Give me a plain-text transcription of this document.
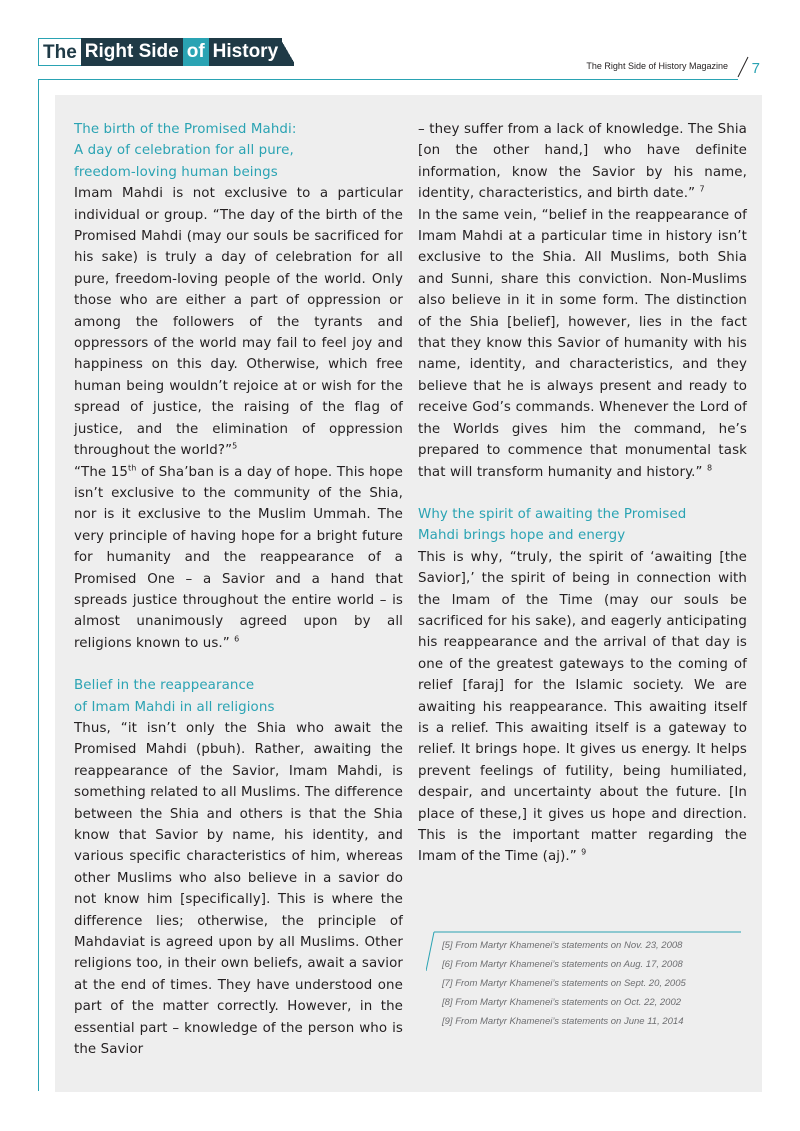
The Right Side of History
The Right Side of History Magazine 7

The birth of the Promised Mahdi:
A day of celebration for all pure,
freedom-loving human beings

Imam Mahdi is not exclusive to a particular individual or group. “The day of the birth of the Promised Mahdi (may our souls be sacrificed for his sake) is truly a day of celebration for all pure, freedom-loving people of the world. Only those who are either a part of oppression or among the followers of the tyrants and oppressors of the world may fail to feel joy and happiness on this day. Otherwise, which free human being wouldn’t rejoice at or wish for the spread of justice, the raising of the flag of justice, and the elimination of oppression throughout the world?”$^5$

“The 15th of Sha’ban is a day of hope. This hope isn’t exclusive to the community of the Shia, nor is it exclusive to the Muslim Ummah. The very principle of having hope for a bright future for humanity and the reappearance of a Promised One – a Savior and a hand that spreads justice throughout the entire world – is almost unanimously agreed upon by all religions known to us.” $^6$

Belief in the reappearance
of Imam Mahdi in all religions

Thus, “it isn’t only the Shia who await the Promised Mahdi (pbuh). Rather, awaiting the reappearance of the Savior, Imam Mahdi, is something related to all Muslims. The difference between the Shia and others is that the Shia know that Savior by name, his identity, and various specific characteristics of him, whereas other Muslims who also believe in a savior do not know him [specifically]. This is where the difference lies; otherwise, the principle of Mahdaviat is agreed upon by all Muslims. Other religions too, in their own beliefs, await a savior at the end of times. They have understood one part of the matter correctly. However, in the essential part – knowledge of the person who is the Savior

– they suffer from a lack of knowledge. The Shia [on the other hand,] who have definite information, know the Savior by his name, identity, characteristics, and birth date.” $^7$

In the same vein, “belief in the reappearance of Imam Mahdi at a particular time in history isn’t exclusive to the Shia. All Muslims, both Shia and Sunni, share this conviction. Non-Muslims also believe in it in some form. The distinction of the Shia [belief], however, lies in the fact that they know this Savior of humanity with his name, identity, and characteristics, and they believe that he is always present and ready to receive God’s commands. Whenever the Lord of the Worlds gives him the command, he’s prepared to commence that monumental task that will transform humanity and history.” $^8$

Why the spirit of awaiting the Promised
Mahdi brings hope and energy

This is why, “truly, the spirit of ‘awaiting [the Savior],’ the spirit of being in connection with the Imam of the Time (may our souls be sacrificed for his sake), and eagerly anticipating his reappearance and the arrival of that day is one of the greatest gateways to the coming of relief [faraj] for the Islamic society. We are awaiting his reappearance. This awaiting itself is a relief. This awaiting itself is a gateway to relief. It brings hope. It gives us energy. It helps prevent feelings of futility, being humiliated, despair, and uncertainty about the future. [In place of these,] it gives us hope and direction. This is the important matter regarding the Imam of the Time (aj).” $^9$

[5] From Martyr Khamenei’s statements on Nov. 23, 2008
[6] From Martyr Khamenei’s statements on Aug. 17, 2008
[7] From Martyr Khamenei’s statements on Sept. 20, 2005
[8] From Martyr Khamenei’s statements on Oct. 22, 2002
[9] From Martyr Khamenei’s statements on June 11, 2014
